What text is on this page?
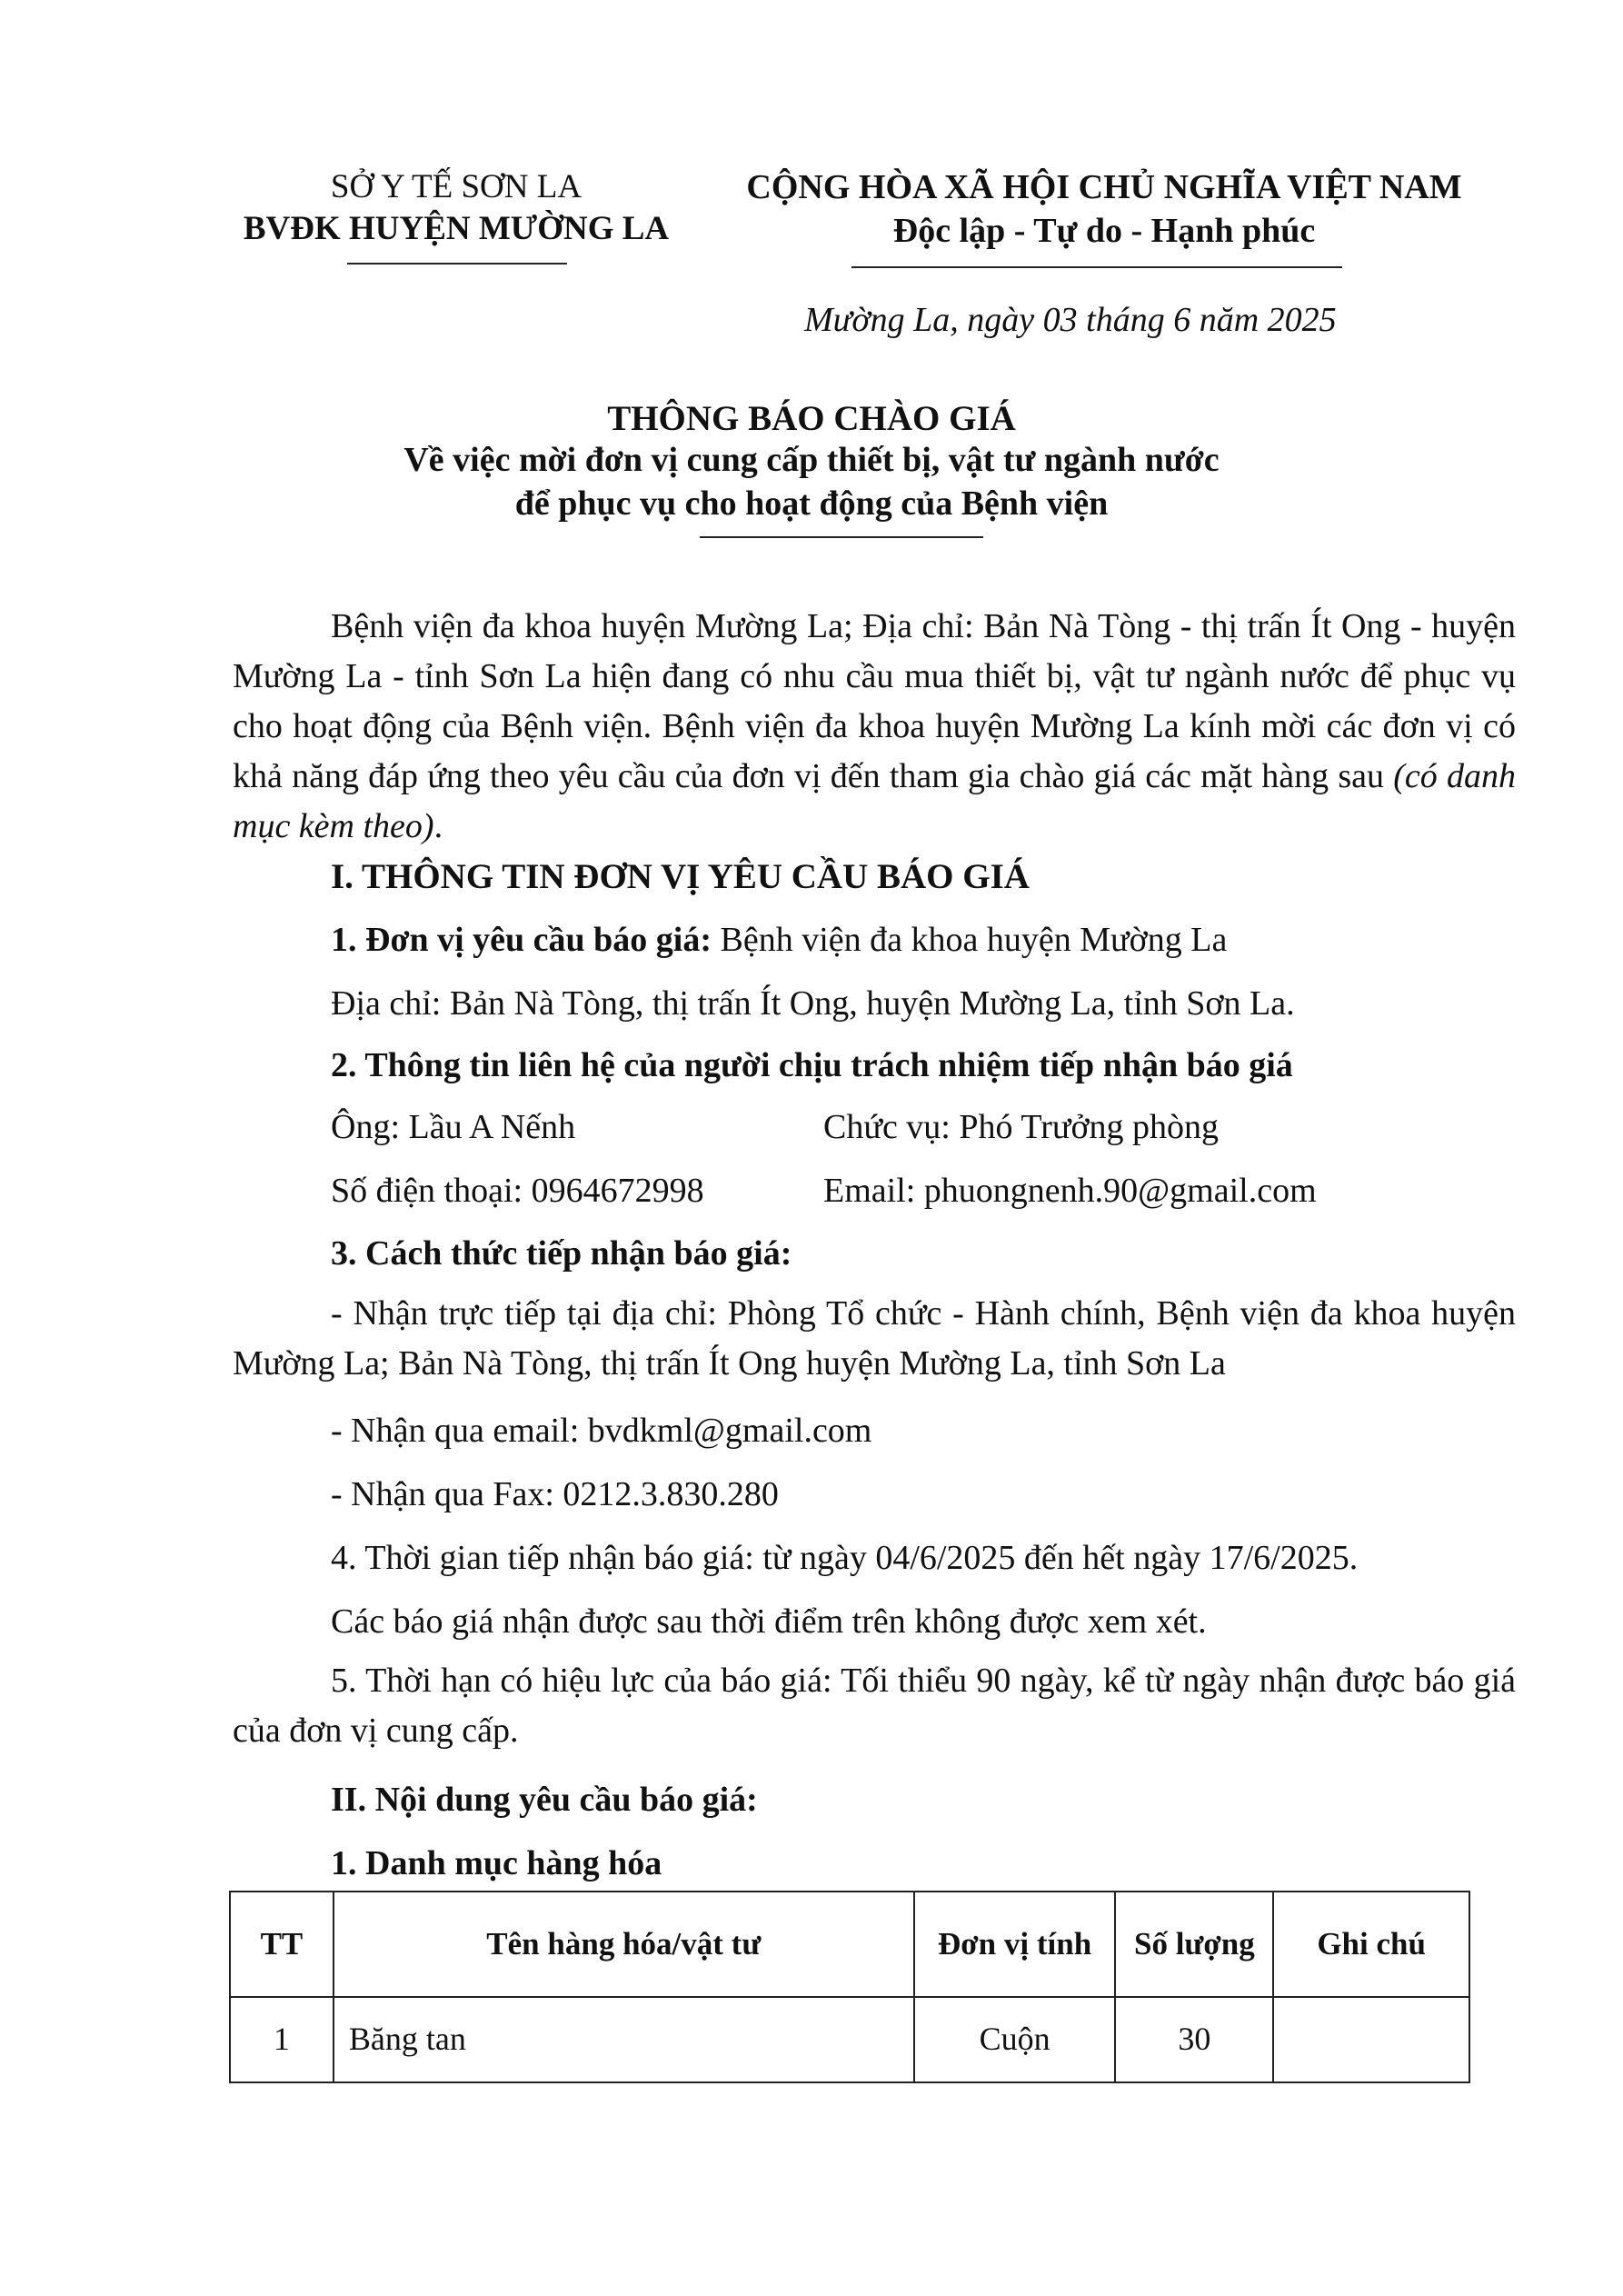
SỞ Y TẾ SƠN LA
BVĐK HUYỆN MƯỜNG LA
CỘNG HÒA XÃ HỘI CHỦ NGHĨA VIỆT NAM
Độc lập - Tự do - Hạnh phúc
Mường La, ngày 03 tháng 6 năm 2025
THÔNG BÁO CHÀO GIÁ
Về việc mời đơn vị cung cấp thiết bị, vật tư ngành nước
để phục vụ cho hoạt động của Bệnh viện
Bệnh viện đa khoa huyện Mường La; Địa chỉ: Bản Nà Tòng - thị trấn Ít Ong - huyện Mường La - tỉnh Sơn La hiện đang có nhu cầu mua thiết bị, vật tư ngành nước để phục vụ cho hoạt động của Bệnh viện. Bệnh viện đa khoa huyện Mường La kính mời các đơn vị có khả năng đáp ứng theo yêu cầu của đơn vị đến tham gia chào giá các mặt hàng sau (có danh mục kèm theo).
I. THÔNG TIN ĐƠN VỊ YÊU CẦU BÁO GIÁ
1. Đơn vị yêu cầu báo giá: Bệnh viện đa khoa huyện Mường La
Địa chỉ: Bản Nà Tòng, thị trấn Ít Ong, huyện Mường La, tỉnh Sơn La.
2. Thông tin liên hệ của người chịu trách nhiệm tiếp nhận báo giá
Ông: Lầu A Nếnh	Chức vụ: Phó Trưởng phòng
Số điện thoại: 0964672998	Email: phuongnenh.90@gmail.com
3. Cách thức tiếp nhận báo giá:
- Nhận trực tiếp tại địa chỉ: Phòng Tổ chức - Hành chính, Bệnh viện đa khoa huyện Mường La; Bản Nà Tòng, thị trấn Ít Ong huyện Mường La, tỉnh Sơn La
- Nhận qua email: bvdkml@gmail.com
- Nhận qua Fax: 0212.3.830.280
4. Thời gian tiếp nhận báo giá: từ ngày 04/6/2025 đến hết ngày 17/6/2025.
Các báo giá nhận được sau thời điểm trên không được xem xét.
5. Thời hạn có hiệu lực của báo giá: Tối thiểu 90 ngày, kể từ ngày nhận được báo giá của đơn vị cung cấp.
II. Nội dung yêu cầu báo giá:
1. Danh mục hàng hóa
TT	Tên hàng hóa/vật tư	Đơn vị tính	Số lượng	Ghi chú
1	Băng tan	Cuộn	30	
